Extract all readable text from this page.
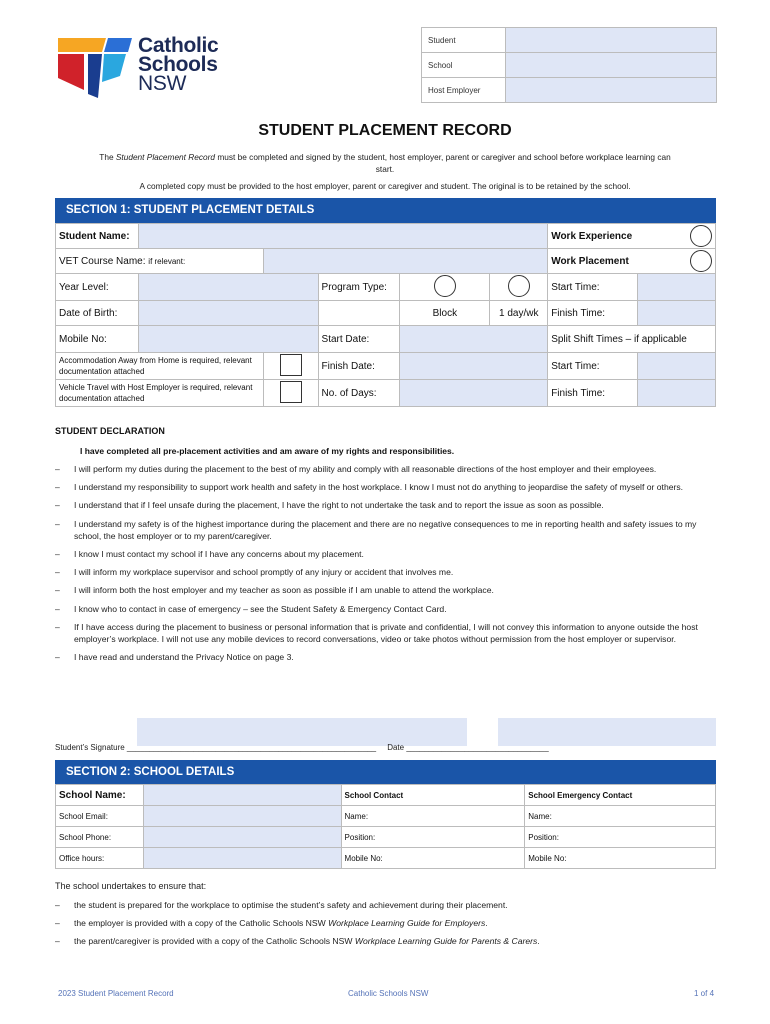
Catholic
Schools
NSW
Student	
School	
Host Employer	
STUDENT PLACEMENT RECORD
The Student Placement Record must be completed and signed by the student, host employer, parent or caregiver and school before workplace learning can start.
A completed copy must be provided to the host employer, parent or caregiver and student. The original is to be retained by the school.
SECTION 1: STUDENT PLACEMENT DETAILS
Student Name:						Work Experience	

VET Course Name: if relevant:						Work Placement	

Year Level:			Program Type:			Start Time:	
Date of Birth:				Block	1 day/wk	Finish Time:	
Mobile No:			Start Date:			Split Shift Times – if applicable	
Accommodation Away from Home is required, relevant documentation attached			Finish Date:			Start Time:	
Vehicle Travel with Host Employer is required, relevant documentation attached			No. of Days:			Finish Time:	
STUDENT DECLARATION
I have completed all pre-placement activities and am aware of my rights and responsibilities.
–	I will perform my duties during the placement to the best of my ability and comply with all reasonable directions of the host employer and their employees.
–	I understand my responsibility to support work health and safety in the host workplace. I know I must not do anything to jeopardise the safety of myself or others.
–	I understand that if I feel unsafe during the placement, I have the right to not undertake the task and to report the issue as soon as possible.
–	I understand my safety is of the highest importance during the placement and there are no negative consequences to me in reporting health and safety issues to my school, the host employer or to my parent/caregiver.
–	I know I must contact my school if I have any concerns about my placement.
–	I will inform my workplace supervisor and school promptly of any injury or accident that involves me.
–	I will inform both the host employer and my teacher as soon as possible if I am unable to attend the workplace.
–	I know who to contact in case of emergency – see the Student Safety & Emergency Contact Card.
–	If I have access during the placement to business or personal information that is private and confidential, I will not convey this information to anyone outside the host employer’s workplace. I will not use any mobile devices to record conversations, video or take photos without permission from the host employer or supervisor.
–	I have read and understand the Privacy Notice on page 3.
Student’s Signature ________________________________________________________     Date ________________________________
SECTION 2: SCHOOL DETAILS
School Name:		School Contact	School Emergency Contact
School Email:		Name:	Name:
School Phone:		Position:	Position:
Office hours:		Mobile No:	Mobile No:
The school undertakes to ensure that:
–	the student is prepared for the workplace to optimise the student’s safety and achievement during their placement.
–	the employer is provided with a copy of the Catholic Schools NSW Workplace Learning Guide for Employers.
–	the parent/caregiver is provided with a copy of the Catholic Schools NSW Workplace Learning Guide for Parents & Carers.
2023 Student Placement Record	Catholic Schools NSW	1 of 4
